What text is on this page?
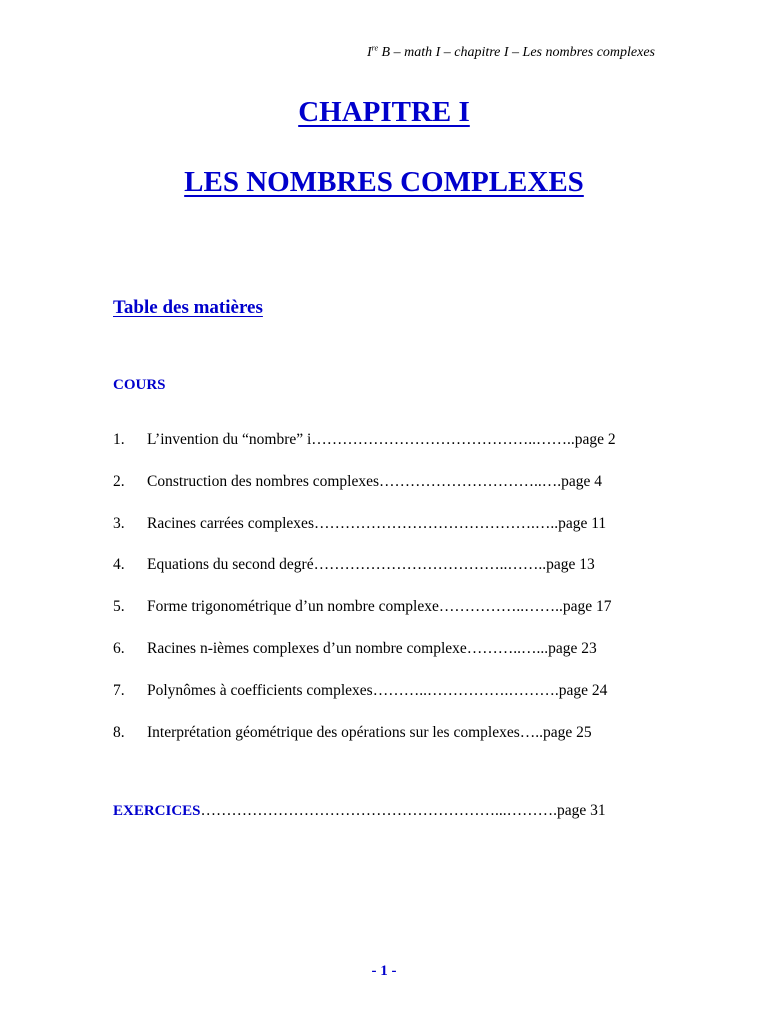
Ire B – math I – chapitre I – Les nombres complexes
CHAPITRE I
LES NOMBRES COMPLEXES
Table des matières
COURS
1. L’invention du “nombre” i……………………………………..……..page 2
2. Construction des nombres complexes…………………………..….page 4
3. Racines carrées complexes…………………………………….…..page 11
4. Equations du second degré………………………………..……..page 13
5. Forme trigonométrique d’un nombre complexe……………..……..page 17
6. Racines n-ièmes complexes d’un nombre complexe………..…...page 23
7. Polynômes à coefficients complexes………..…………….……….page 24
8. Interprétation géométrique des opérations sur les complexes…..page 25
EXERCICES…………………………………………………...……….page 31
- 1 -
